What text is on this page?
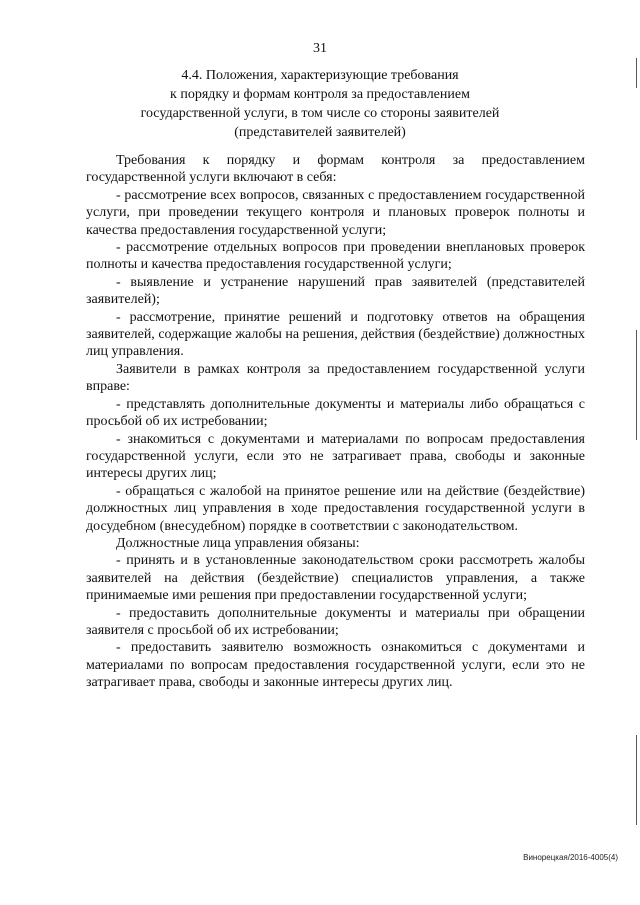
31
4.4. Положения, характеризующие требования
к порядку и формам контроля за предоставлением
государственной услуги, в том числе со стороны заявителей
(представителей заявителей)

Требования к порядку и формам контроля за предоставлением государственной услуги включают в себя:

- рассмотрение всех вопросов, связанных с предоставлением государственной услуги, при проведении текущего контроля и плановых проверок полноты и качества предоставления государственной услуги;

- рассмотрение отдельных вопросов при проведении внеплановых проверок полноты и качества предоставления государственной услуги;

- выявление и устранение нарушений прав заявителей (представителей заявителей);

- рассмотрение, принятие решений и подготовку ответов на обращения заявителей, содержащие жалобы на решения, действия (бездействие) должностных лиц управления.

Заявители в рамках контроля за предоставлением государственной услуги вправе:

- представлять дополнительные документы и материалы либо обращаться с просьбой об их истребовании;

- знакомиться с документами и материалами по вопросам предоставления государственной услуги, если это не затрагивает права, свободы и законные интересы других лиц;

- обращаться с жалобой на принятое решение или на действие (бездействие) должностных лиц управления в ходе предоставления государственной услуги в досудебном (внесудебном) порядке в соответствии с законодательством.

Должностные лица управления обязаны:

- принять и в установленные законодательством сроки рассмотреть жалобы заявителей на действия (бездействие) специалистов управления, а также принимаемые ими решения при предоставлении государственной услуги;

- предоставить дополнительные документы и материалы при обращении заявителя с просьбой об их истребовании;

- предоставить заявителю возможность ознакомиться с документами и материалами по вопросам предоставления государственной услуги, если это не затрагивает права, свободы и законные интересы других лиц.

Винорецкая/2016-4005(4)
